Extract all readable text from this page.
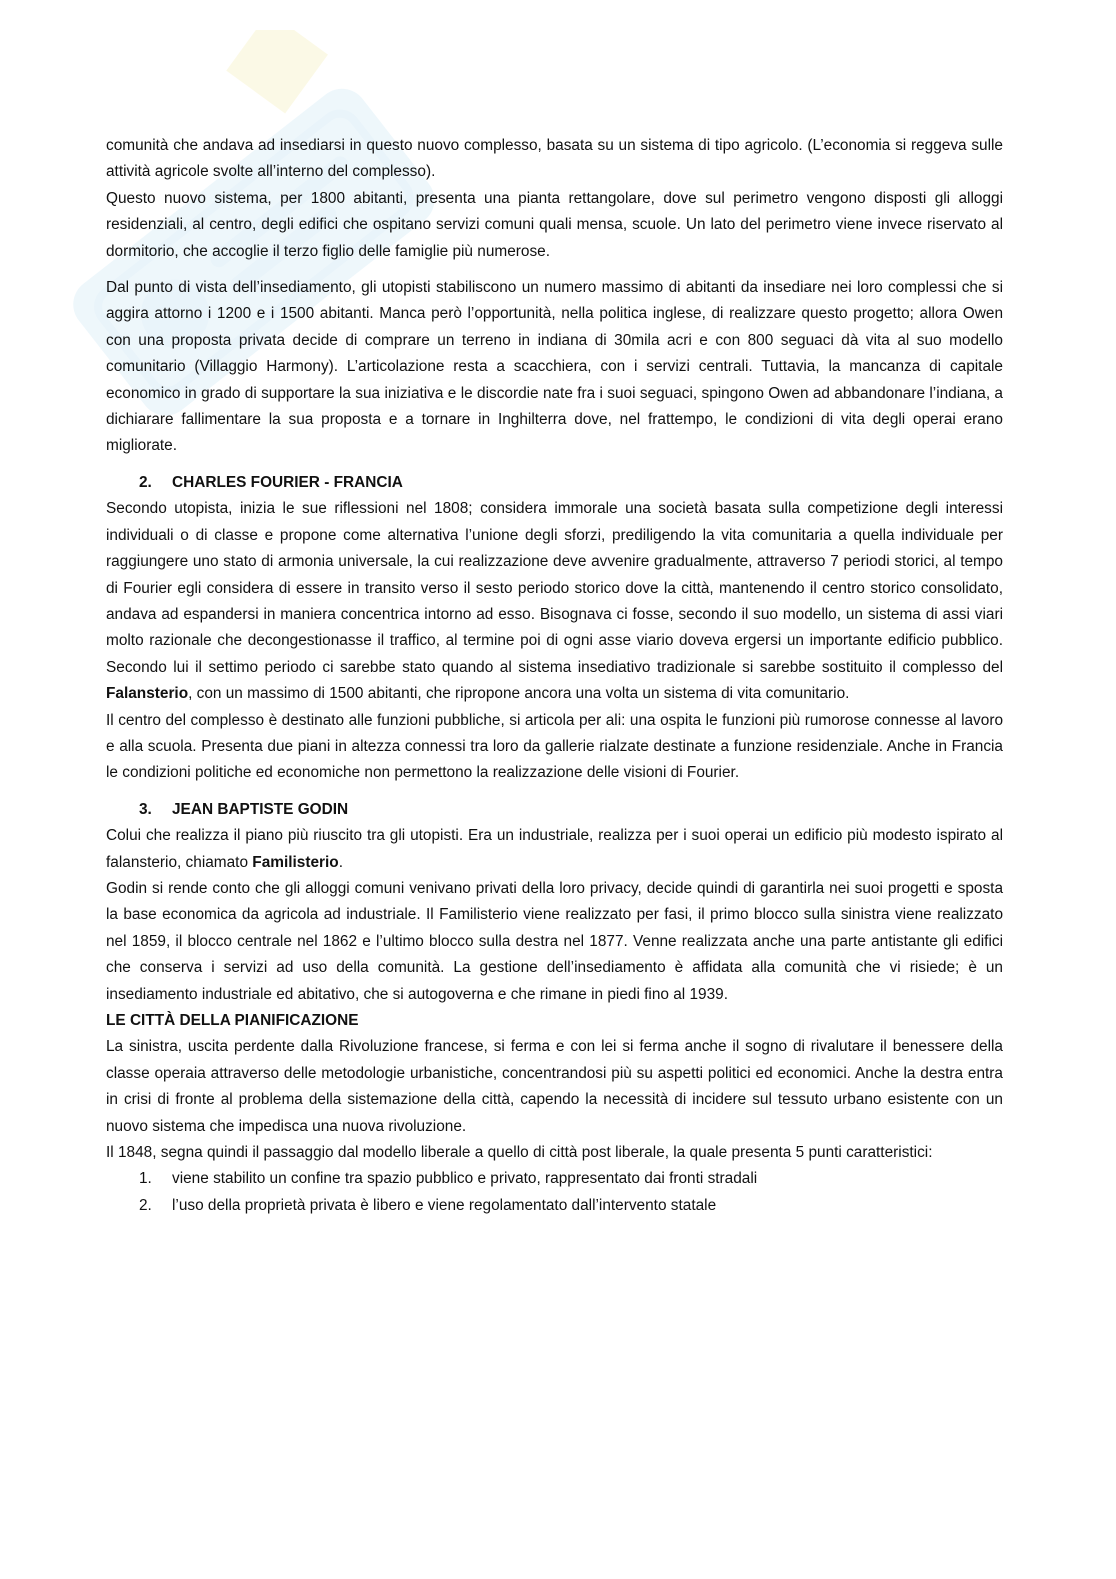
comunità che andava ad insediarsi in questo nuovo complesso, basata su un sistema di tipo agricolo. (L’economia si reggeva sulle attività agricole svolte all’interno del complesso).

Questo nuovo sistema, per 1800 abitanti, presenta una pianta rettangolare, dove sul perimetro vengono disposti gli alloggi residenziali, al centro, degli edifici che ospitano servizi comuni quali mensa, scuole. Un lato del perimetro viene invece riservato al dormitorio, che accoglie il terzo figlio delle famiglie più numerose.

Dal punto di vista dell’insediamento, gli utopisti stabiliscono un numero massimo di abitanti da insediare nei loro complessi che si aggira attorno i 1200 e i 1500 abitanti. Manca però l’opportunità, nella politica inglese, di realizzare questo progetto; allora Owen con una proposta privata decide di comprare un terreno in indiana di 30mila acri e con 800 seguaci dà vita al suo modello comunitario (Villaggio Harmony). L’articolazione resta a scacchiera, con i servizi centrali. Tuttavia, la mancanza di capitale economico in grado di supportare la sua iniziativa e le discordie nate fra i suoi seguaci, spingono Owen ad abbandonare l’indiana, a dichiarare fallimentare la sua proposta e a tornare in Inghilterra dove, nel frattempo, le condizioni di vita degli operai erano migliorate.

2. CHARLES FOURIER - FRANCIA

Secondo utopista, inizia le sue riflessioni nel 1808; considera immorale una società basata sulla competizione degli interessi individuali o di classe e propone come alternativa l’unione degli sforzi, prediligendo la vita comunitaria a quella individuale per raggiungere uno stato di armonia universale, la cui realizzazione deve avvenire gradualmente, attraverso 7 periodi storici, al tempo di Fourier egli considera di essere in transito verso il sesto periodo storico dove la città, mantenendo il centro storico consolidato, andava ad espandersi in maniera concentrica intorno ad esso. Bisognava ci fosse, secondo il suo modello, un sistema di assi viari molto razionale che decongestionasse il traffico, al termine poi di ogni asse viario doveva ergersi un importante edificio pubblico. Secondo lui il settimo periodo ci sarebbe stato quando al sistema insediativo tradizionale si sarebbe sostituito il complesso del Falansterio, con un massimo di 1500 abitanti, che ripropone ancora una volta un sistema di vita comunitario.

Il centro del complesso è destinato alle funzioni pubbliche, si articola per ali: una ospita le funzioni più rumorose connesse al lavoro e alla scuola. Presenta due piani in altezza connessi tra loro da gallerie rialzate destinate a funzione residenziale. Anche in Francia le condizioni politiche ed economiche non permettono la realizzazione delle visioni di Fourier.

3. JEAN BAPTISTE GODIN

Colui che realizza il piano più riuscito tra gli utopisti. Era un industriale, realizza per i suoi operai un edificio più modesto ispirato al falansterio, chiamato Familisterio.

Godin si rende conto che gli alloggi comuni venivano privati della loro privacy, decide quindi di garantirla nei suoi progetti e sposta la base economica da agricola ad industriale. Il Familisterio viene realizzato per fasi, il primo blocco sulla sinistra viene realizzato nel 1859, il blocco centrale nel 1862 e l’ultimo blocco sulla destra nel 1877. Venne realizzata anche una parte antistante gli edifici che conserva i servizi ad uso della comunità. La gestione dell’insediamento è affidata alla comunità che vi risiede; è un insediamento industriale ed abitativo, che si autogoverna e che rimane in piedi fino al 1939.

LE CITTÀ DELLA PIANIFICAZIONE

La sinistra, uscita perdente dalla Rivoluzione francese, si ferma e con lei si ferma anche il sogno di rivalutare il benessere della classe operaia attraverso delle metodologie urbanistiche, concentrandosi più su aspetti politici ed economici. Anche la destra entra in crisi di fronte al problema della sistemazione della città, capendo la necessità di incidere sul tessuto urbano esistente con un nuovo sistema che impedisca una nuova rivoluzione.

Il 1848, segna quindi il passaggio dal modello liberale a quello di città post liberale, la quale presenta 5 punti caratteristici:

1. viene stabilito un confine tra spazio pubblico e privato, rappresentato dai fronti stradali
2. l’uso della proprietà privata è libero e viene regolamentato dall’intervento statale
